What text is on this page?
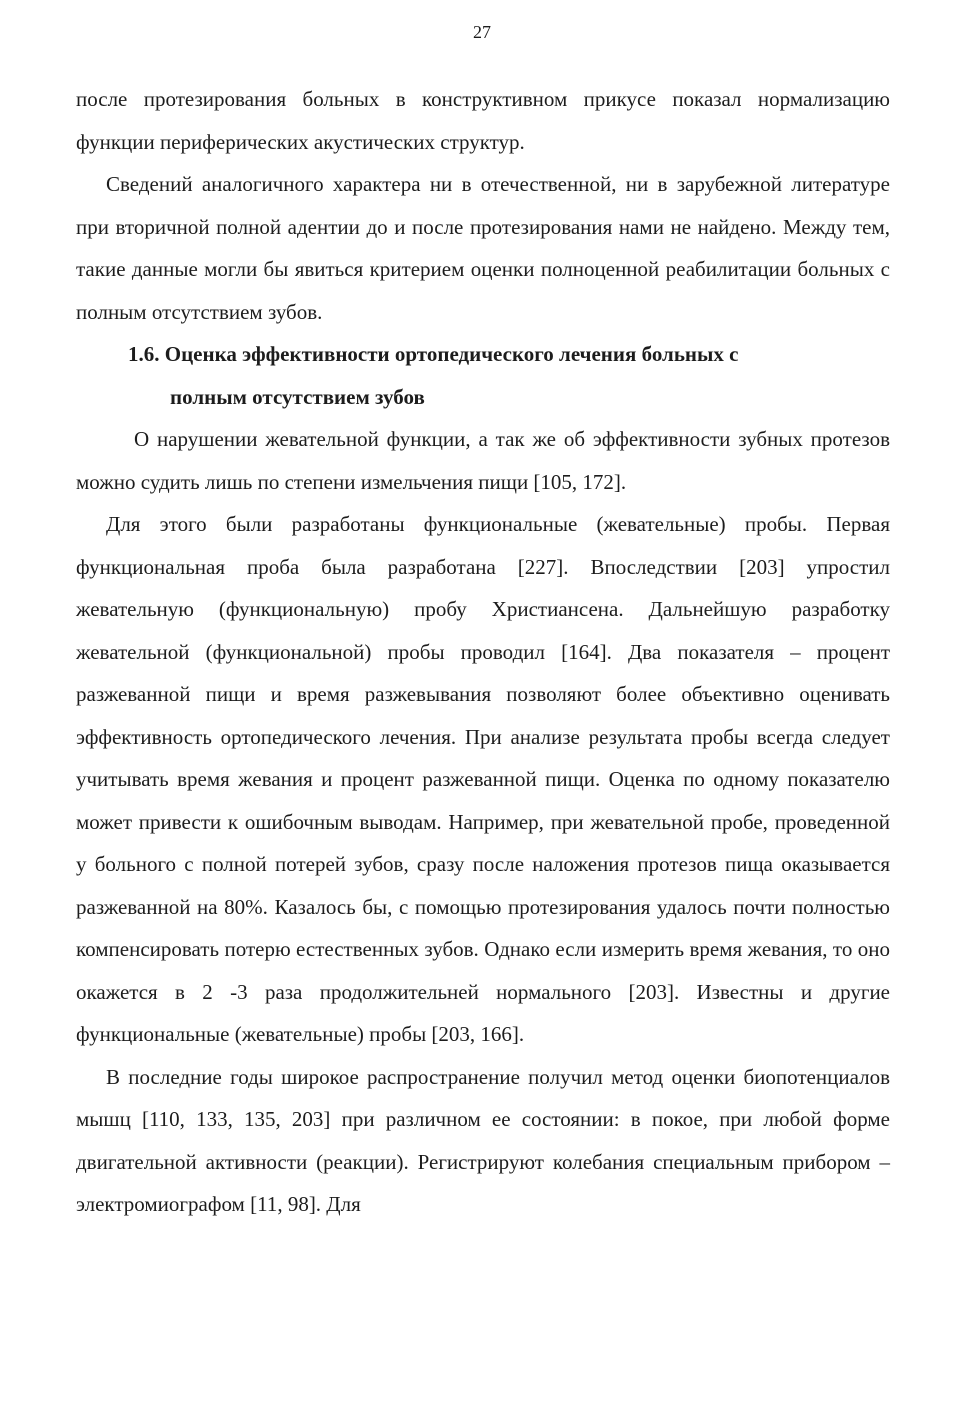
27

после протезирования больных в конструктивном прикусе показал нормализацию функции периферических акустических структур.

Сведений аналогичного характера ни в отечественной, ни в зарубежной литературе при вторичной полной адентии до и после протезирования нами не найдено. Между тем, такие данные могли бы явиться критерием оценки полноценной реабилитации больных с полным отсутствием зубов.

1.6. Оценка эффективности ортопедического лечения больных с
полным отсутствием зубов

О нарушении жевательной функции, а так же об эффективности зубных протезов можно судить лишь по степени измельчения пищи [105, 172].

Для этого были разработаны функциональные (жевательные) пробы. Первая функциональная проба была разработана [227]. Впоследствии [203] упростил жевательную (функциональную) пробу Христиансена. Дальнейшую разработку жевательной (функциональной) пробы проводил [164]. Два показателя – процент разжеванной пищи и время разжевывания позволяют более объективно оценивать эффективность ортопедического лечения. При анализе результата пробы всегда следует учитывать время жевания и процент разжеванной пищи. Оценка по одному показателю может привести к ошибочным выводам. Например, при жевательной пробе, проведенной у больного с полной потерей зубов, сразу после наложения протезов пища оказывается разжеванной на 80%. Казалось бы, с помощью протезирования удалось почти полностью компенсировать потерю естественных зубов. Однако если измерить время жевания, то оно окажется в 2 -3 раза продолжительней нормального [203]. Известны и другие функциональные (жевательные) пробы [203, 166].

В последние годы широкое распространение получил метод оценки биопотенциалов мышц [110, 133, 135, 203] при различном ее состоянии: в покое, при любой форме двигательной активности (реакции). Регистрируют колебания специальным прибором – электромиографом [11, 98]. Для
